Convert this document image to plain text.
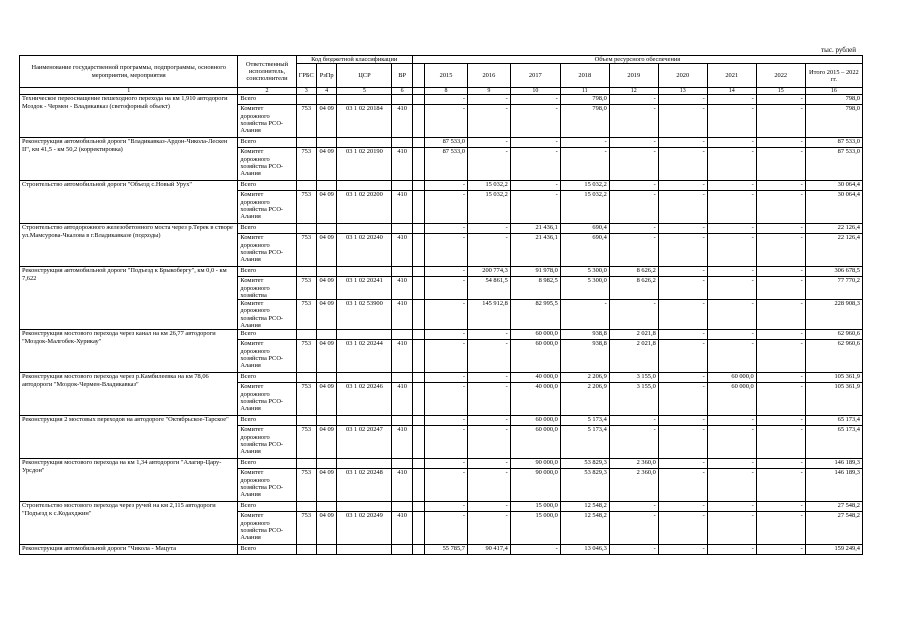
тыс. рублей
Наименование государственной программы, подпрограммы, основного мероприятия, мероприятия	Ответственный исполнитель, соисполнители	Код бюджетной классификации				Объем ресурсного обеспечения									
		ГРБС	РзПр	ЦСР	ВР		2015	2016	2017	2018	2019	2020	2021	2022	Итого 2015 – 2022 гг.
1	2	3	4	5	6		8	9	10	11	12	13	14	15	16
Техническое переоснащение пешеходного перехода на км 1,910 автодороги Моздок - Чермен - Владикавказ (светофорный объект)	Всего						-	-	-	798,0	-	-	-	-	798,0
	Комитет дорожного хозяйства РСО-Алания	753	04 09	03 1 02 20184	410		-	-	-	798,0	-	-	-	-	798,0
Реконструкция автомобильной дороги "Владикавказ-Ардон-Чикола-Лескен II", км 41,5 - км 50,2 (корректировка)	Всего						87 533,0	-	-	-	-	-	-	-	87 533,0
	Комитет дорожного хозяйства РСО-Алания	753	04 09	03 1 02 20190	410		87 533,0	-	-	-	-	-	-	-	87 533,0
Строительство автомобильной дороги "Объезд с.Новый Урух"	Всего						-	15 032,2	-	15 032,2	-	-	-	-	30 064,4
	Комитет дорожного хозяйства РСО-Алания	753	04 09	03 1 02 20200	410		-	15 032,2	-	15 032,2	-	-	-	-	30 064,4
Строительство автодорожного железобетонного моста через р.Терек в створе ул.Мамсурова-Чкалова в г.Владикавказе (подходы)	Всего						-	-	21 436,1	690,4	-	-	-	-	22 126,4
	Комитет дорожного хозяйства РСО-Алания	753	04 09	03 1 02 20240	410		-	-	21 436,1	690,4	-	-	-	-	22 126,4
Реконструкция автомобильной дороги "Подъезд к Брыкобергу", км 0,0 - км 7,622	Всего						-	200 774,3	91 978,0	5 300,0	8 626,2	-	-	-	306 678,5
	Комитет дорожного хозяйства	753	04 09	03 1 02 20241	410		-	54 861,5	8 982,5	5 300,0	8 626,2	-	-	-	77 770,2
	Комитет дорожного хозяйства РСО-Алания	753	04 09	03 1 02 53900	410		-	145 912,8	82 995,5	-	-	-	-	-	228 908,3
Реконструкция мостового перехода через канал на км 26,77 автодороги "Моздок-Малгобек-Хурикау"	Всего						-	-	60 000,0	938,8	2 021,8	-	-	-	62 960,6
	Комитет дорожного хозяйства РСО-Алания	753	04 09	03 1 02 20244	410		-	-	60 000,0	938,8	2 021,8	-	-	-	62 960,6
Реконструкция мостового перехода через р.Камбилеевка на км 78,06 автодороги "Моздок-Чермен-Владикавказ"	Всего						-	-	40 000,0	2 206,9	3 155,0	-	60 000,0	-	105 361,9
	Комитет дорожного хозяйства РСО-Алания	753	04 09	03 1 02 20246	410		-	-	40 000,0	2 206,9	3 155,0	-	60 000,0	-	105 361,9
Реконструкция 2 мостовых переходов на автодороге "Октябрьское-Тарское"	Всего						-	-	60 000,0	5 173,4	-	-	-	-	65 173,4
	Комитет дорожного хозяйства РСО-Алания	753	04 09	03 1 02 20247	410		-	-	60 000,0	5 173,4	-	-	-	-	65 173,4
Реконструкция мостового перехода на км 1,34 автодороги "Алагир-Цару-Урсдон"	Всего						-	-	90 000,0	53 829,3	2 360,0	-	-	-	146 189,3
	Комитет дорожного хозяйства РСО-Алания	753	04 09	03 1 02 20248	410		-	-	90 000,0	53 829,3	2 360,0	-	-	-	146 189,3
Строительство мостового перехода через ручей на км 2,115 автодороги "Подъезд к с.Кодахджин"	Всего						-	-	15 000,0	12 548,2	-	-	-	-	27 548,2
	Комитет дорожного хозяйства РСО-Алания	753	04 09	03 1 02 20249	410		-	-	15 000,0	12 548,2	-	-	-	-	27 548,2
Реконструкция автомобильной дороги "Чикола - Мацута	Всего						55 785,7	90 417,4	-	13 046,3	-	-	-	-	159 249,4
